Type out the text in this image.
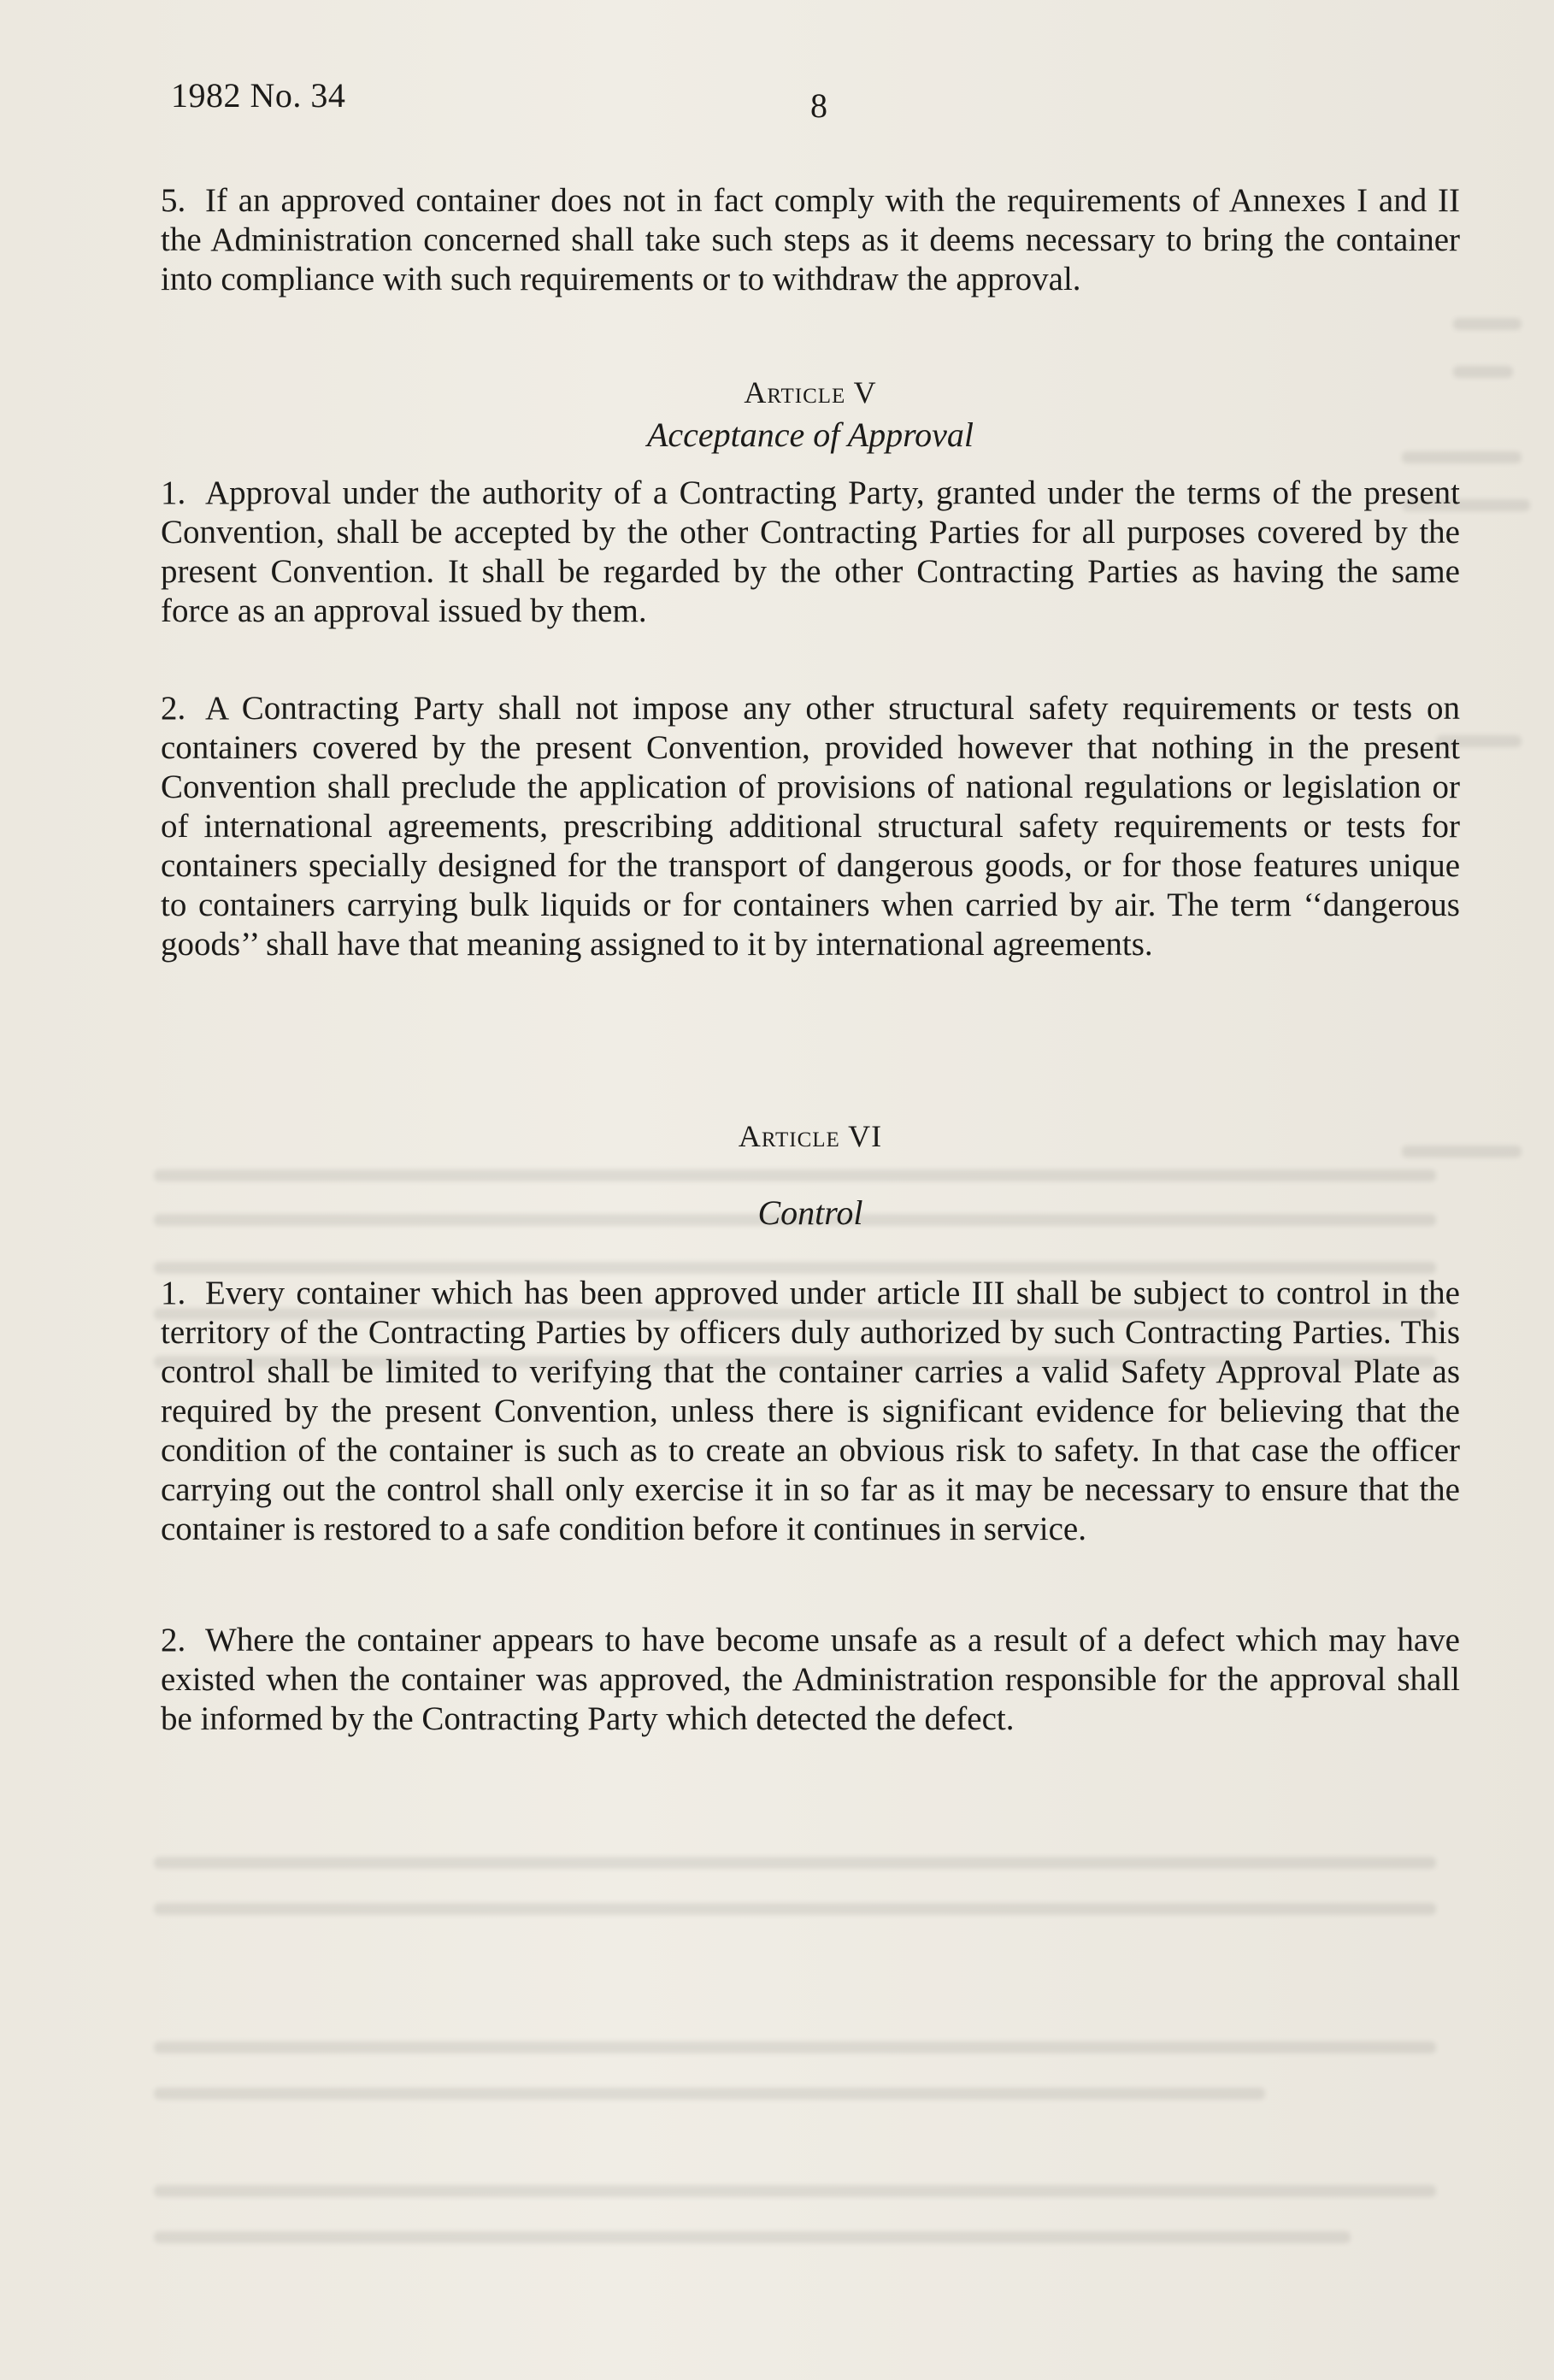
1982 No. 34	8

5. If an approved container does not in fact comply with the requirements of Annexes I and II the Administration concerned shall take such steps as it deems necessary to bring the container into compliance with such requirements or to withdraw the approval.

Article V

Acceptance of Approval

1. Approval under the authority of a Contracting Party, granted under the terms of the present Convention, shall be accepted by the other Contracting Parties for all purposes covered by the present Convention. It shall be regarded by the other Contracting Parties as having the same force as an approval issued by them.

2. A Contracting Party shall not impose any other structural safety requirements or tests on containers covered by the present Convention, provided however that nothing in the present Convention shall preclude the application of provisions of national regulations or legislation or of international agreements, prescribing additional structural safety requirements or tests for containers specially designed for the transport of dangerous goods, or for those features unique to containers carrying bulk liquids or for containers when carried by air. The term ‘‘dangerous goods’’ shall have that meaning assigned to it by international agreements.

Article VI

Control

1. Every container which has been approved under article III shall be subject to control in the territory of the Contracting Parties by officers duly authorized by such Contracting Parties. This control shall be limited to verifying that the container carries a valid Safety Approval Plate as required by the present Convention, unless there is significant evidence for believing that the condition of the container is such as to create an obvious risk to safety. In that case the officer carrying out the control shall only exercise it in so far as it may be necessary to ensure that the container is restored to a safe condition before it continues in service.

2. Where the container appears to have become unsafe as a result of a defect which may have existed when the container was approved, the Administration responsible for the approval shall be informed by the Contracting Party which detected the defect.
